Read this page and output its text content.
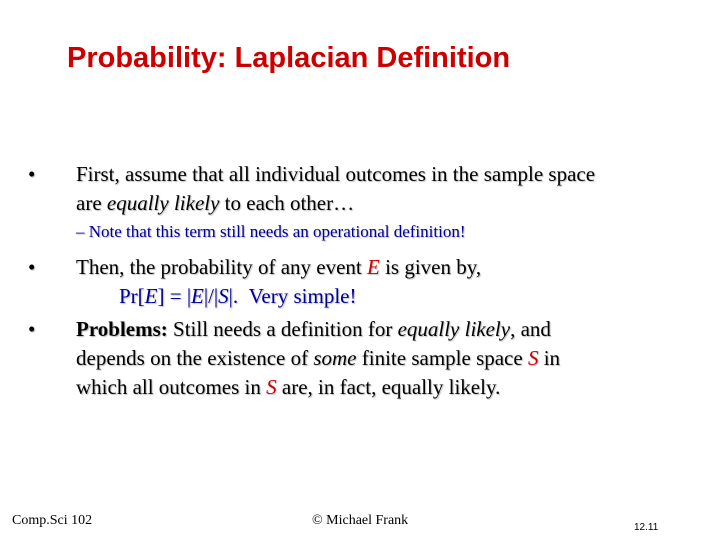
Probability: Laplacian Definition
•	First, assume that all individual outcomes in the sample space
are equally likely to each other…
– Note that this term still needs an operational definition!
•	Then, the probability of any event E is given by,
Pr[E] = |E|/|S|. Very simple!
•	Problems: Still needs a definition for equally likely, and
depends on the existence of some finite sample space S in
which all outcomes in S are, in fact, equally likely.
Comp.Sci 102	© Michael Frank	12.11
